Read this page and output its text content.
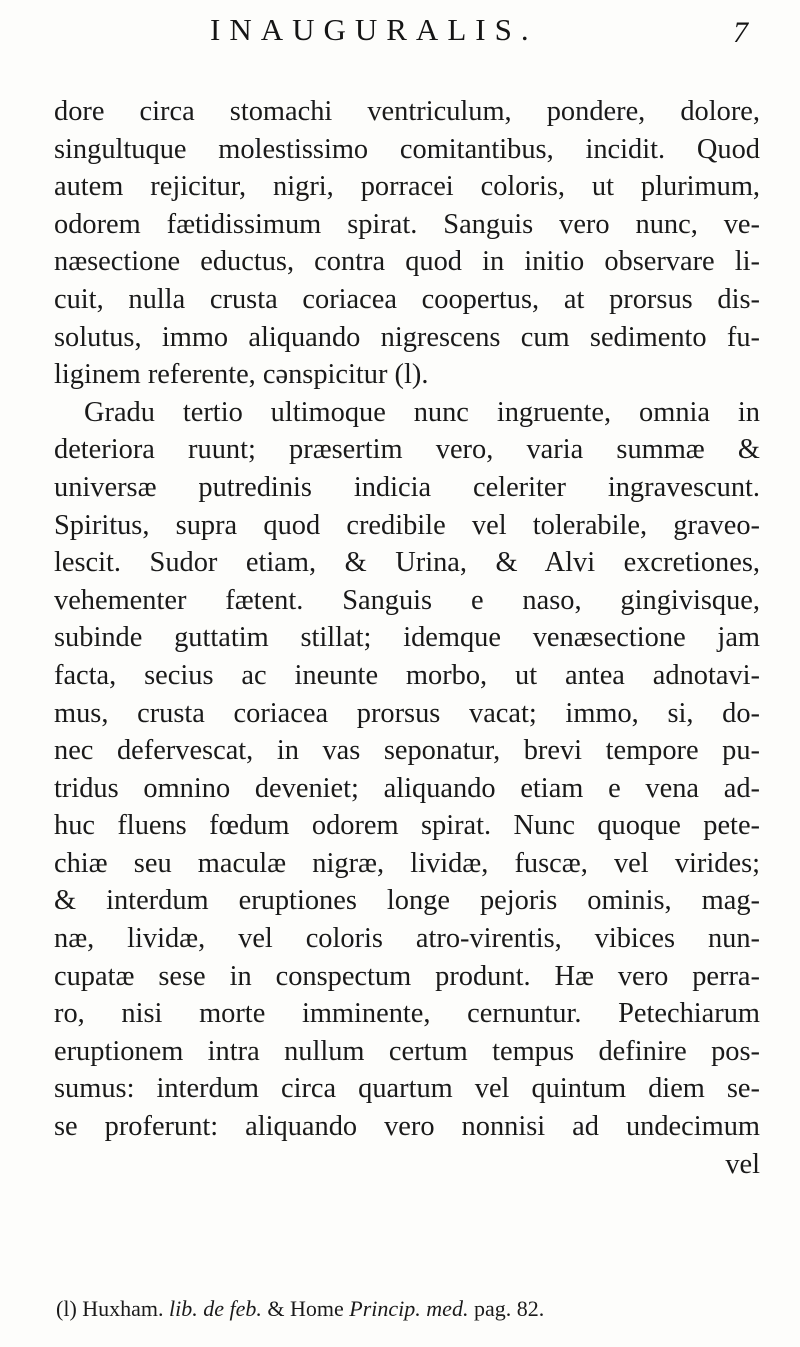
INAUGURALIS.	7
dore circa stomachi ventriculum, pondere, dolore,
singultuque molestissimo comitantibus, incidit. Quod
autem rejicitur, nigri, porracei coloris, ut plurimum,
odorem fætidissimum spirat. Sanguis vero nunc, ve-
næsectione eductus, contra quod in initio observare li-
cuit, nulla crusta coriacea coopertus, at prorsus dis-
solutus, immo aliquando nigrescens cum sedimento fu-
liginem referente, cənspicitur (l).
Gradu tertio ultimoque nunc ingruente, omnia in
deteriora ruunt; præsertim vero, varia summæ &
universæ putredinis indicia celeriter ingravescunt.
Spiritus, supra quod credibile vel tolerabile, graveo-
lescit. Sudor etiam, & Urina, & Alvi excretiones,
vehementer fætent. Sanguis e naso, gingivisque,
subinde guttatim stillat; idemque venæsectione jam
facta, secius ac ineunte morbo, ut antea adnotavi-
mus, crusta coriacea prorsus vacat; immo, si, do-
nec defervescat, in vas seponatur, brevi tempore pu-
tridus omnino deveniet; aliquando etiam e vena ad-
huc fluens fœdum odorem spirat. Nunc quoque pete-
chiæ seu maculæ nigræ, lividæ, fuscæ, vel virides;
& interdum eruptiones longe pejoris ominis, mag-
næ, lividæ, vel coloris atro-virentis, vibices nun-
cupatæ sese in conspectum produnt. Hæ vero perra-
ro, nisi morte imminente, cernuntur. Petechiarum
eruptionem intra nullum certum tempus definire pos-
sumus: interdum circa quartum vel quintum diem se-
se proferunt: aliquando vero nonnisi ad undecimum
vel
(l) Huxham. lib. de feb. & Home Princip. med. pag. 82.
